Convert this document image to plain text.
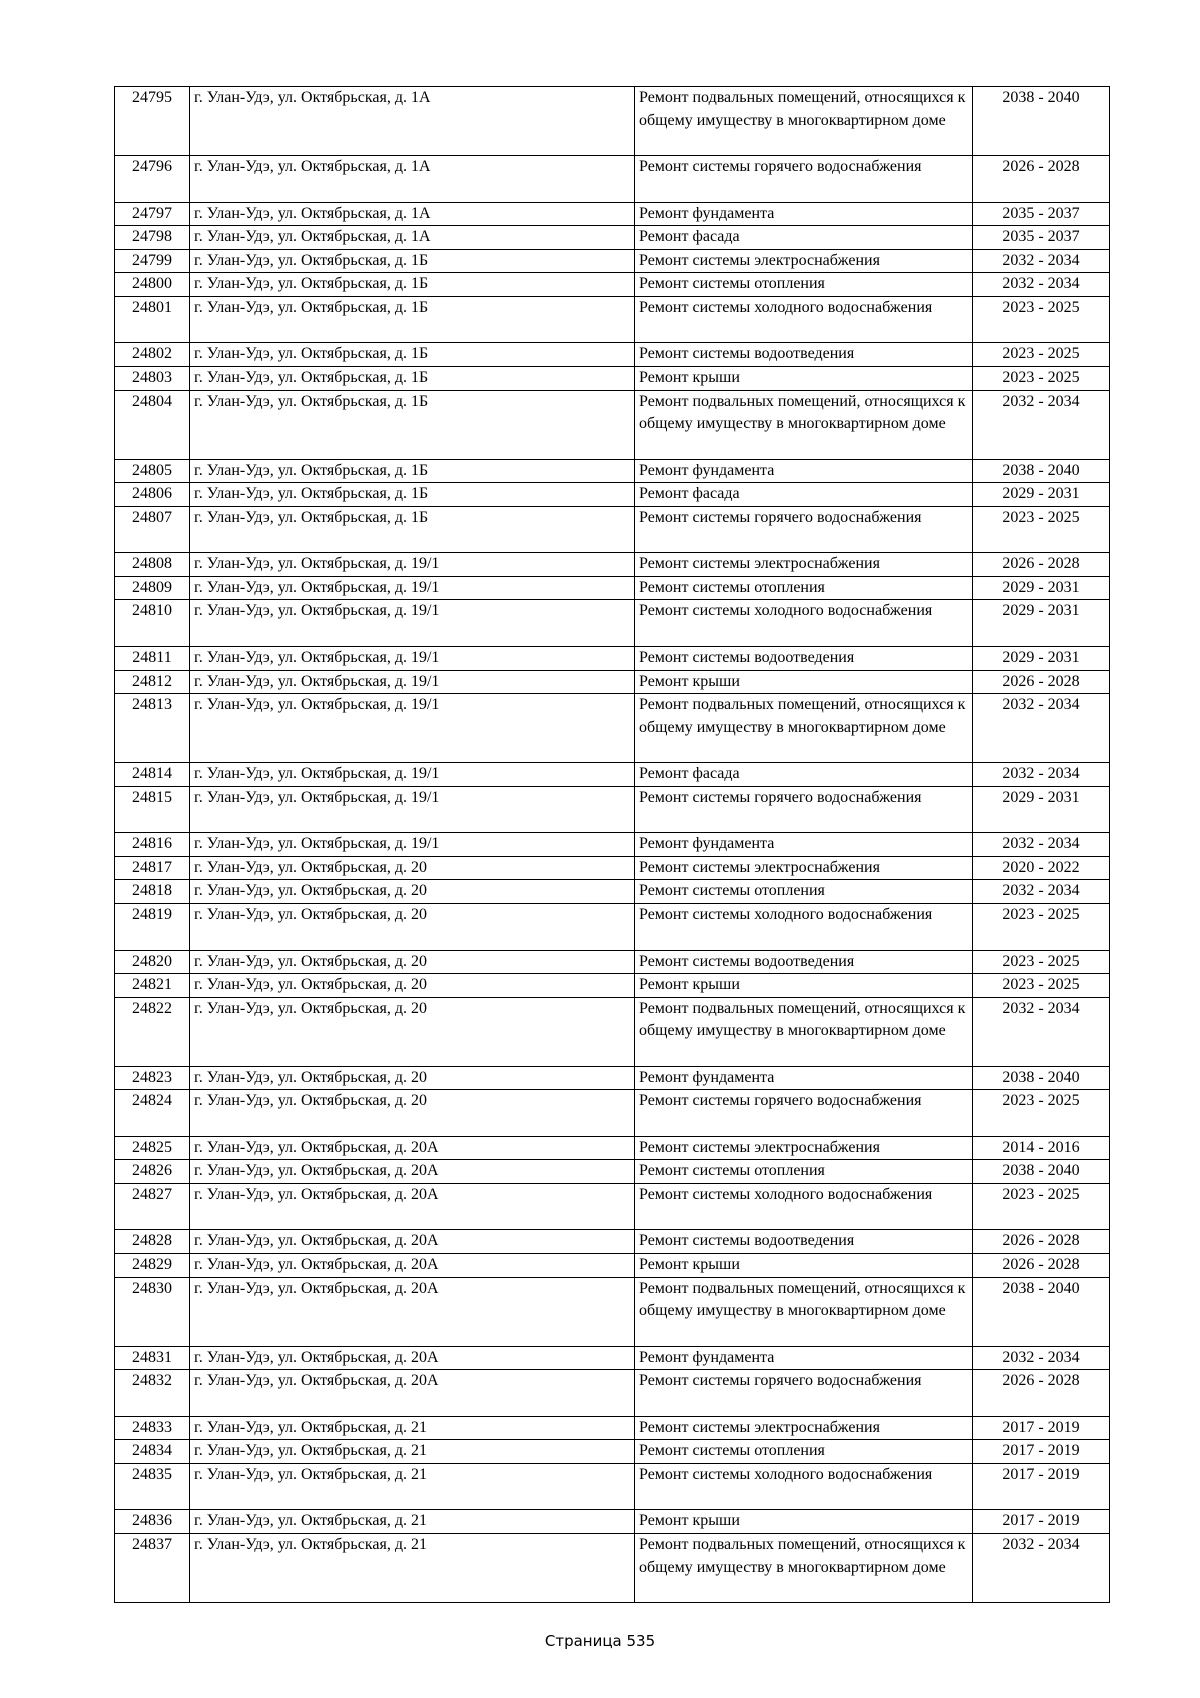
24795	г. Улан-Удэ, ул. Октябрьская, д. 1А	Ремонт подвальных помещений, относящихся к общему имуществу в многоквартирном доме	2038 - 2040
24796	г. Улан-Удэ, ул. Октябрьская, д. 1А	Ремонт системы горячего водоснабжения	2026 - 2028
24797	г. Улан-Удэ, ул. Октябрьская, д. 1А	Ремонт фундамента	2035 - 2037
24798	г. Улан-Удэ, ул. Октябрьская, д. 1А	Ремонт фасада	2035 - 2037
24799	г. Улан-Удэ, ул. Октябрьская, д. 1Б	Ремонт системы электроснабжения	2032 - 2034
24800	г. Улан-Удэ, ул. Октябрьская, д. 1Б	Ремонт системы отопления	2032 - 2034
24801	г. Улан-Удэ, ул. Октябрьская, д. 1Б	Ремонт системы холодного водоснабжения	2023 - 2025
24802	г. Улан-Удэ, ул. Октябрьская, д. 1Б	Ремонт системы водоотведения	2023 - 2025
24803	г. Улан-Удэ, ул. Октябрьская, д. 1Б	Ремонт крыши	2023 - 2025
24804	г. Улан-Удэ, ул. Октябрьская, д. 1Б	Ремонт подвальных помещений, относящихся к общему имуществу в многоквартирном доме	2032 - 2034
24805	г. Улан-Удэ, ул. Октябрьская, д. 1Б	Ремонт фундамента	2038 - 2040
24806	г. Улан-Удэ, ул. Октябрьская, д. 1Б	Ремонт фасада	2029 - 2031
24807	г. Улан-Удэ, ул. Октябрьская, д. 1Б	Ремонт системы горячего водоснабжения	2023 - 2025
24808	г. Улан-Удэ, ул. Октябрьская, д. 19/1	Ремонт системы электроснабжения	2026 - 2028
24809	г. Улан-Удэ, ул. Октябрьская, д. 19/1	Ремонт системы отопления	2029 - 2031
24810	г. Улан-Удэ, ул. Октябрьская, д. 19/1	Ремонт системы холодного водоснабжения	2029 - 2031
24811	г. Улан-Удэ, ул. Октябрьская, д. 19/1	Ремонт системы водоотведения	2029 - 2031
24812	г. Улан-Удэ, ул. Октябрьская, д. 19/1	Ремонт крыши	2026 - 2028
24813	г. Улан-Удэ, ул. Октябрьская, д. 19/1	Ремонт подвальных помещений, относящихся к общему имуществу в многоквартирном доме	2032 - 2034
24814	г. Улан-Удэ, ул. Октябрьская, д. 19/1	Ремонт фасада	2032 - 2034
24815	г. Улан-Удэ, ул. Октябрьская, д. 19/1	Ремонт системы горячего водоснабжения	2029 - 2031
24816	г. Улан-Удэ, ул. Октябрьская, д. 19/1	Ремонт фундамента	2032 - 2034
24817	г. Улан-Удэ, ул. Октябрьская, д. 20	Ремонт системы электроснабжения	2020 - 2022
24818	г. Улан-Удэ, ул. Октябрьская, д. 20	Ремонт системы отопления	2032 - 2034
24819	г. Улан-Удэ, ул. Октябрьская, д. 20	Ремонт системы холодного водоснабжения	2023 - 2025
24820	г. Улан-Удэ, ул. Октябрьская, д. 20	Ремонт системы водоотведения	2023 - 2025
24821	г. Улан-Удэ, ул. Октябрьская, д. 20	Ремонт крыши	2023 - 2025
24822	г. Улан-Удэ, ул. Октябрьская, д. 20	Ремонт подвальных помещений, относящихся к общему имуществу в многоквартирном доме	2032 - 2034
24823	г. Улан-Удэ, ул. Октябрьская, д. 20	Ремонт фундамента	2038 - 2040
24824	г. Улан-Удэ, ул. Октябрьская, д. 20	Ремонт системы горячего водоснабжения	2023 - 2025
24825	г. Улан-Удэ, ул. Октябрьская, д. 20А	Ремонт системы электроснабжения	2014 - 2016
24826	г. Улан-Удэ, ул. Октябрьская, д. 20А	Ремонт системы отопления	2038 - 2040
24827	г. Улан-Удэ, ул. Октябрьская, д. 20А	Ремонт системы холодного водоснабжения	2023 - 2025
24828	г. Улан-Удэ, ул. Октябрьская, д. 20А	Ремонт системы водоотведения	2026 - 2028
24829	г. Улан-Удэ, ул. Октябрьская, д. 20А	Ремонт крыши	2026 - 2028
24830	г. Улан-Удэ, ул. Октябрьская, д. 20А	Ремонт подвальных помещений, относящихся к общему имуществу в многоквартирном доме	2038 - 2040
24831	г. Улан-Удэ, ул. Октябрьская, д. 20А	Ремонт фундамента	2032 - 2034
24832	г. Улан-Удэ, ул. Октябрьская, д. 20А	Ремонт системы горячего водоснабжения	2026 - 2028
24833	г. Улан-Удэ, ул. Октябрьская, д. 21	Ремонт системы электроснабжения	2017 - 2019
24834	г. Улан-Удэ, ул. Октябрьская, д. 21	Ремонт системы отопления	2017 - 2019
24835	г. Улан-Удэ, ул. Октябрьская, д. 21	Ремонт системы холодного водоснабжения	2017 - 2019
24836	г. Улан-Удэ, ул. Октябрьская, д. 21	Ремонт крыши	2017 - 2019
24837	г. Улан-Удэ, ул. Октябрьская, д. 21	Ремонт подвальных помещений, относящихся к общему имуществу в многоквартирном доме	2032 - 2034
Страница 535
